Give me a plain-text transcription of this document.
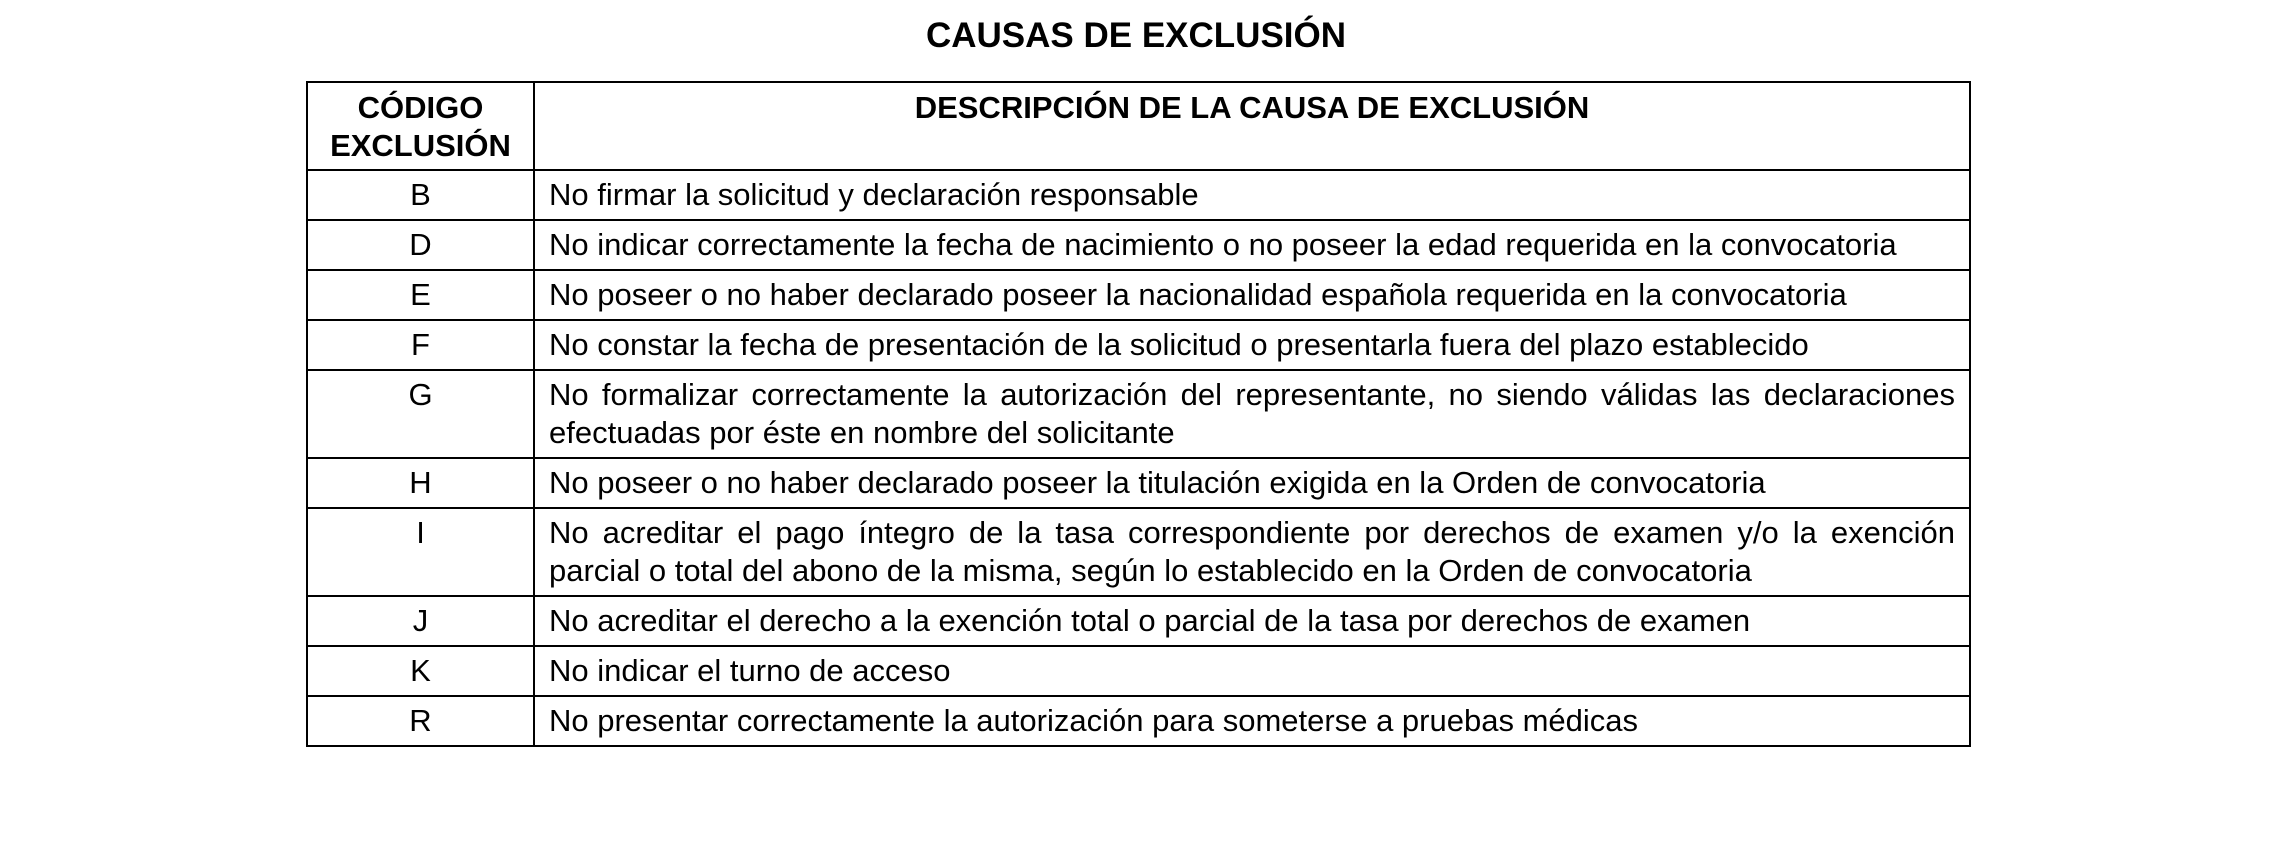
CAUSAS DE EXCLUSIÓN
CÓDIGO EXCLUSIÓN	DESCRIPCIÓN DE LA CAUSA DE EXCLUSIÓN
B	No firmar la solicitud y declaración responsable
D	No indicar correctamente la fecha de nacimiento o no poseer la edad requerida en la convocatoria
E	No poseer o no haber declarado poseer la nacionalidad española requerida en la convocatoria
F	No constar la fecha de presentación de la solicitud o presentarla fuera del plazo establecido
G	No formalizar correctamente la autorización del representante, no siendo válidas las declaraciones efectuadas por éste en nombre del solicitante
H	No poseer o no haber declarado poseer la titulación exigida en la Orden de convocatoria
I	No acreditar el pago íntegro de la tasa correspondiente por derechos de examen y/o la exención parcial o total del abono de la misma, según lo establecido en la Orden de convocatoria
J	No acreditar el derecho a la exención total o parcial de la tasa por derechos de examen
K	No indicar el turno de acceso
R	No presentar correctamente la autorización para someterse a pruebas médicas
